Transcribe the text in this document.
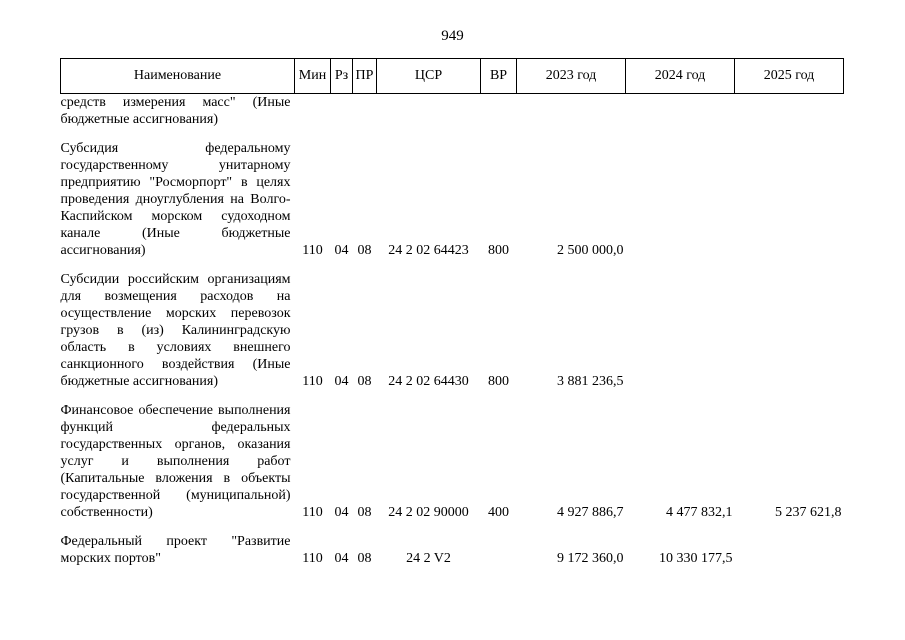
949
Наименование	Мин	Рз	ПР	ЦСР	ВР	2023 год	2024 год	2025 год
средств измерения масс" (Иные бюджетные ассигнования)								

Субсидия федеральному государственному унитарному предприятию "Росморпорт" в целях проведения дноуглубления на Волго-Каспийском морском судоходном канале (Иные бюджетные ассигнования)	110	04	08	24 2 02 64423	800	2 500 000,0		

Субсидии российским организациям для возмещения расходов на осуществление морских перевозок грузов в (из) Калининградскую область в условиях внешнего санкционного воздействия (Иные бюджетные ассигнования)	110	04	08	24 2 02 64430	800	3 881 236,5		

Финансовое обеспечение выполнения функций федеральных государственных органов, оказания услуг и выполнения работ (Капитальные вложения в объекты государственной (муниципальной) собственности)	110	04	08	24 2 02 90000	400	4 927 886,7	4 477 832,1	5 237 621,8

Федеральный проект "Развитие морских портов"	110	04	08	24 2 V2		9 172 360,0	10 330 177,5	
